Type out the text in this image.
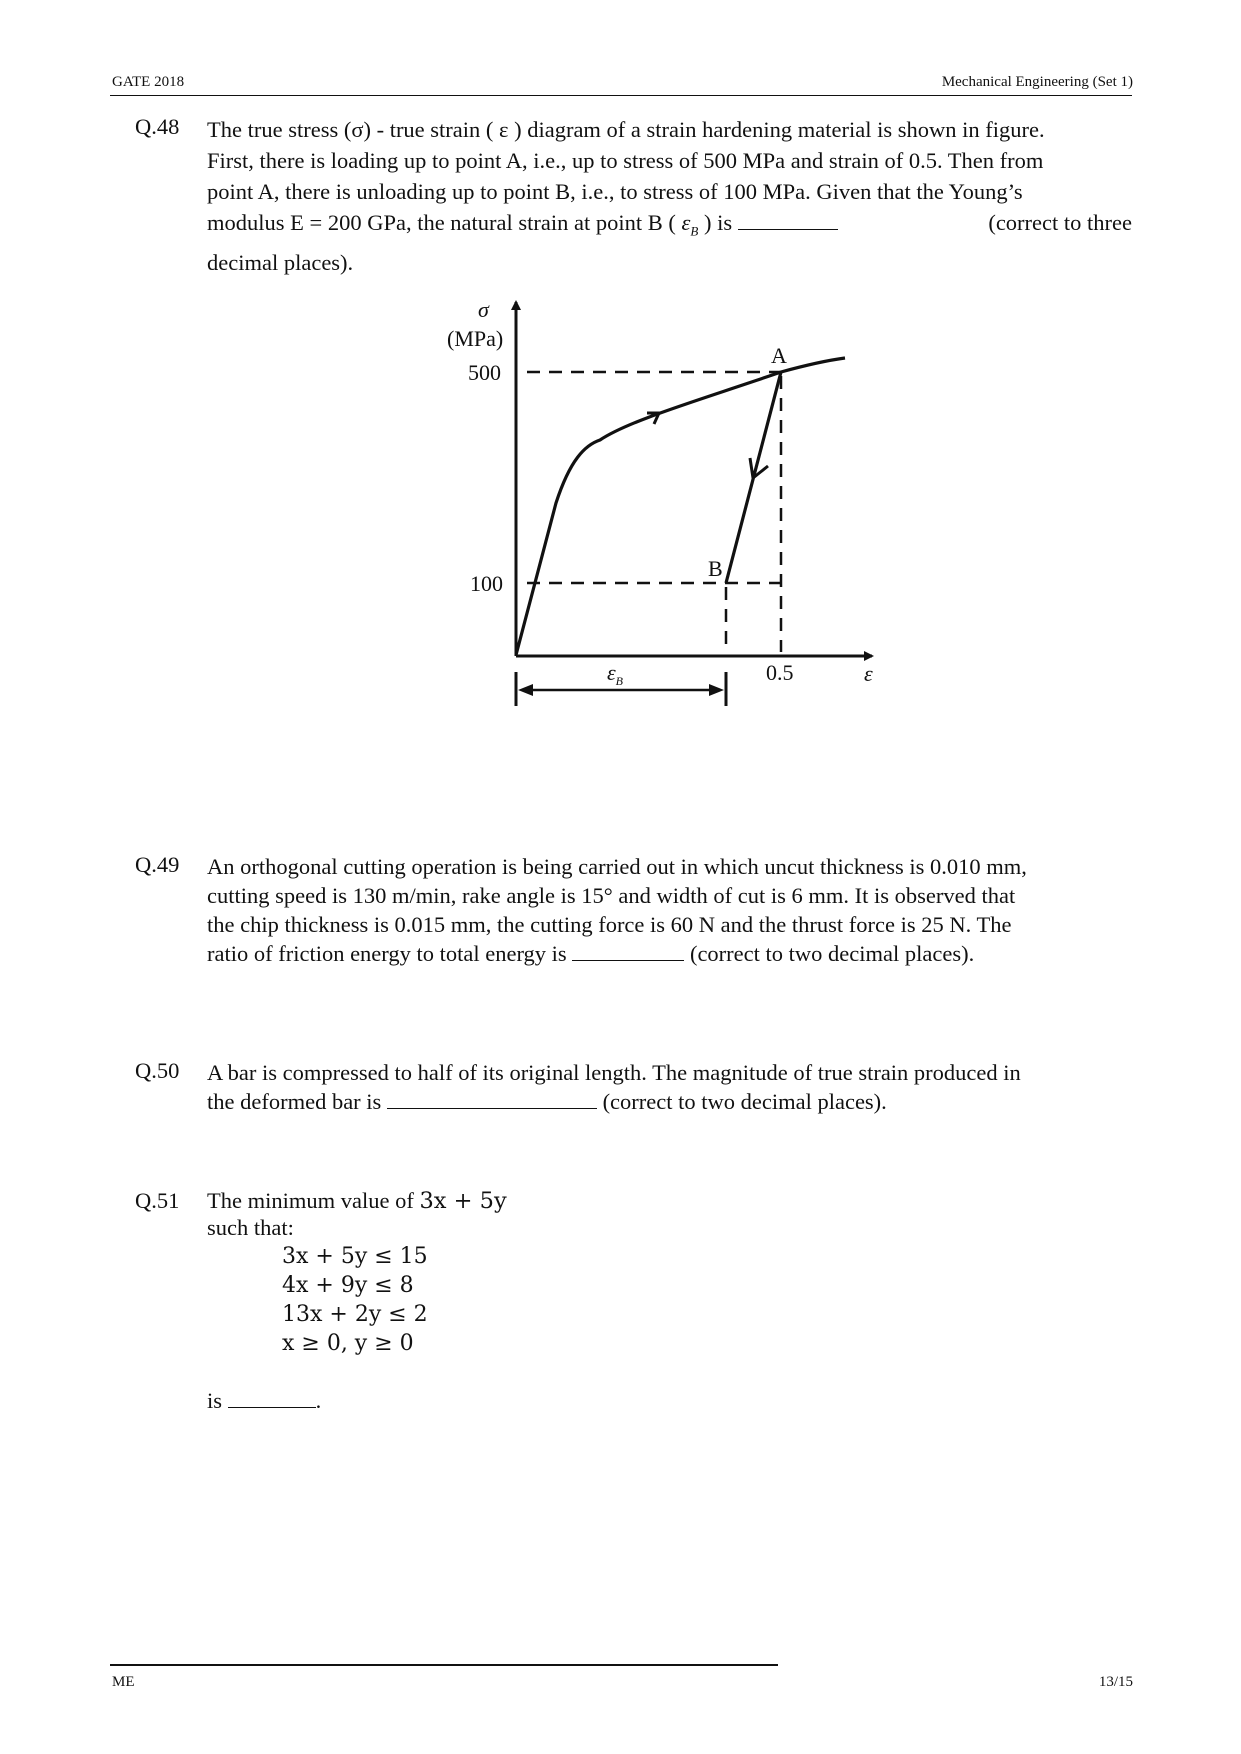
GATE 2018	Mechanical Engineering (Set 1)
Q.48 The true stress (σ) - true strain ( ε ) diagram of a strain hardening material is shown in figure.
First, there is loading up to point A, i.e., up to stress of 500 MPa and strain of 0.5. Then from
point A, there is unloading up to point B, i.e., to stress of 100 MPa. Given that the Young’s
modulus E = 200 GPa, the natural strain at point B ( $\varepsilon_B$ ) is	(correct to three
decimal places).
σ
(MPa)
500
100
0.5	ε
A
B
$\varepsilon_B$
Q.49 An orthogonal cutting operation is being carried out in which uncut thickness is 0.010 mm,
cutting speed is 130 m/min, rake angle is 15° and width of cut is 6 mm. It is observed that
the chip thickness is 0.015 mm, the cutting force is 60 N and the thrust force is 25 N. The
ratio of friction energy to total energy is	(correct to two decimal places).
Q.50 A bar is compressed to half of its original length. The magnitude of true strain produced in
the deformed bar is	(correct to two decimal places).
Q.51 The minimum value of 3x + 5y
such that:
3x + 5y ≤ 15
4x + 9y ≤ 8
13x + 2y ≤ 2
x ≥ 0, y ≥ 0
is	.
ME	13/15
